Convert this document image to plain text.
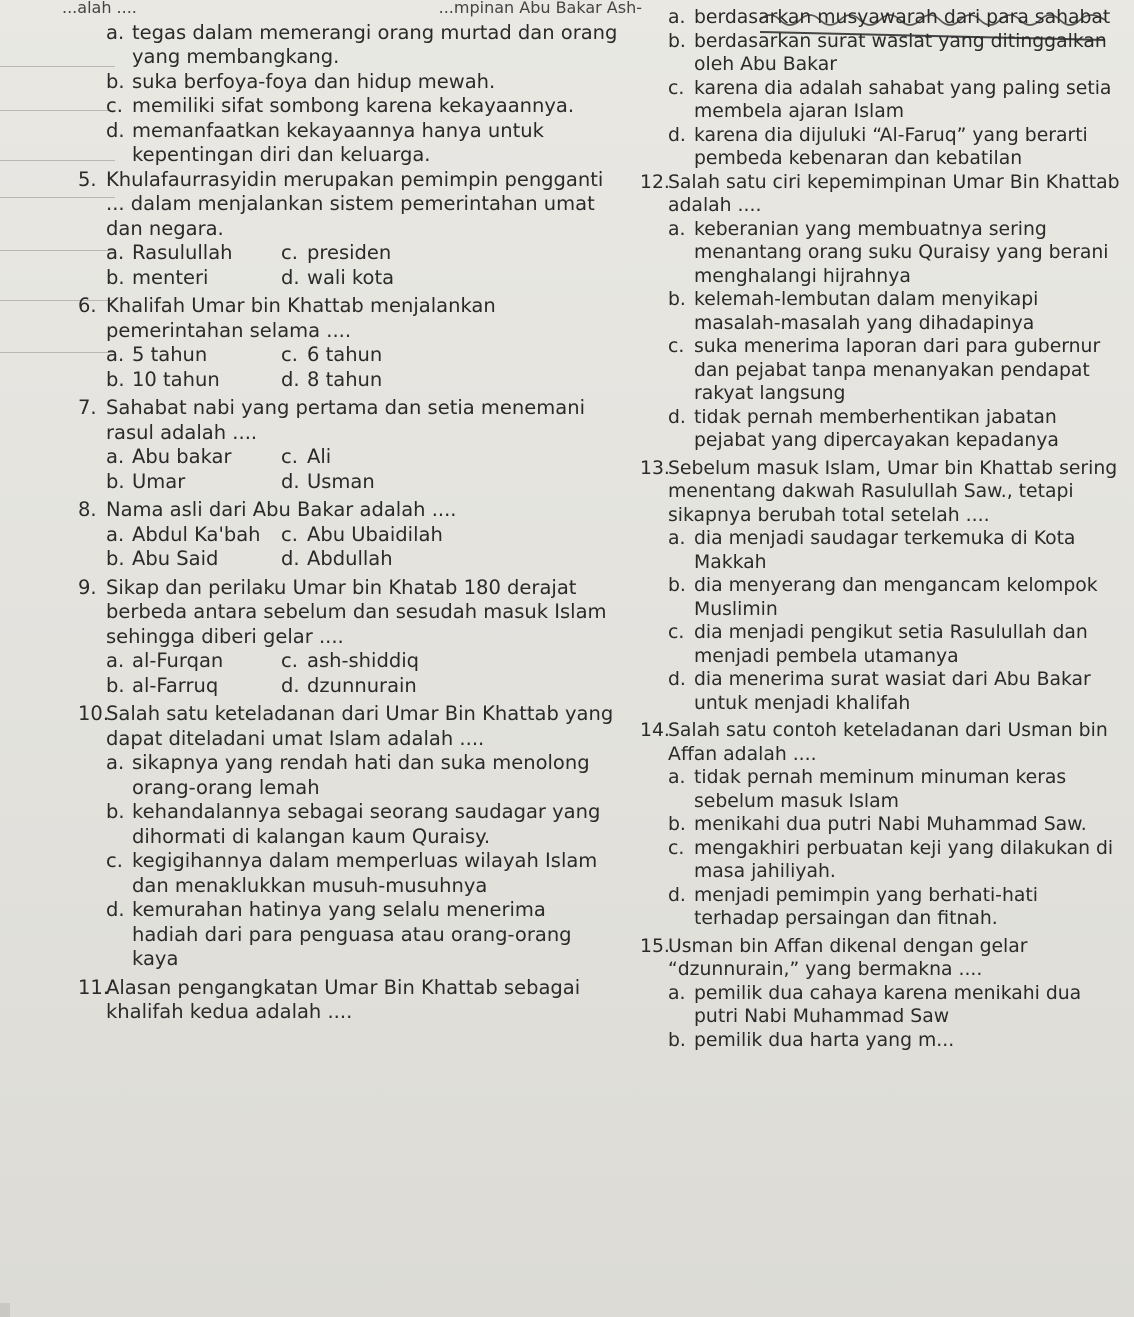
...alah ....	...mpinan Abu Bakar Ash-
a. tegas dalam memerangi orang murtad dan orang yang membangkang.
b. suka berfoya-foya dan hidup mewah.
c. memiliki sifat sombong karena kekayaannya.
d. memanfaatkan kekayaannya hanya untuk kepentingan diri dan keluarga.
5. Khulafaurrasyidin merupakan pemimpin pengganti ... dalam menjalankan sistem pemerintahan umat dan negara.
a. Rasulullah c. presiden
b. menteri	d. wali kota
6. Khalifah Umar bin Khattab menjalankan pemerintahan selama ....
a. 5 tahun	c. 6 tahun
b. 10 tahun	d. 8 tahun
7. Sahabat nabi yang pertama dan setia menemani rasul adalah ....
a. Abu bakar	c. Ali
b. Umar	d. Usman
8. Nama asli dari Abu Bakar adalah ....
a. Abdul Ka'bah c. Abu Ubaidilah
b. Abu Said	d. Abdullah
9. Sikap dan perilaku Umar bin Khatab 180 derajat berbeda antara sebelum dan sesudah masuk Islam sehingga diberi gelar ....
a. al-Furqan	c. ash-shiddiq
b. al-Farruq	d. dzunnurain
10.
Salah satu keteladanan dari Umar Bin Khattab yang dapat diteladani umat Islam adalah ....
a. sikapnya yang rendah hati dan suka menolong orang-orang lemah
b. kehandalannya sebagai seorang saudagar yang dihormati di kalangan kaum Quraisy.
c. kegigihannya dalam memperluas wilayah Islam dan menaklukkan musuh-musuhnya
d. kemurahan hatinya yang selalu menerima hadiah dari para penguasa atau orang-orang kaya
11.
Alasan pengangkatan Umar Bin Khattab sebagai khalifah kedua adalah ....
a. berdasarkan musyawarah dari para sahabat
b. berdasarkan surat wasiat yang ditinggalkan oleh Abu Bakar
c. karena dia adalah sahabat yang paling setia membela ajaran Islam
d. karena dia dijuluki “Al-Faruq” yang berarti pembeda kebenaran dan kebatilan
12.
Salah satu ciri kepemimpinan Umar Bin Khattab adalah ....
a. keberanian yang membuatnya sering menantang orang suku Quraisy yang berani menghalangi hijrahnya
b. kelemah-lembutan dalam menyikapi masalah-masalah yang dihadapinya
c. suka menerima laporan dari para gubernur dan pejabat tanpa menanyakan pendapat rakyat langsung
d. tidak pernah memberhentikan jabatan pejabat yang dipercayakan kepadanya
13.
Sebelum masuk Islam, Umar bin Khattab sering menentang dakwah Rasulullah Saw., tetapi sikapnya berubah total setelah ....
a. dia menjadi saudagar terkemuka di Kota Makkah
b. dia menyerang dan mengancam kelompok Muslimin
c. dia menjadi pengikut setia Rasulullah dan menjadi pembela utamanya
d. dia menerima surat wasiat dari Abu Bakar untuk menjadi khalifah
14.
Salah satu contoh keteladanan dari Usman bin Affan adalah ....
a. tidak pernah meminum minuman keras sebelum masuk Islam
b. menikahi dua putri Nabi Muhammad Saw.
c. mengakhiri perbuatan keji yang dilakukan di masa jahiliyah.
d. menjadi pemimpin yang berhati-hati terhadap persaingan dan fitnah.
15.
Usman bin Affan dikenal dengan gelar “dzunnurain,” yang bermakna ....
a. pemilik dua cahaya karena menikahi dua putri Nabi Muhammad Saw
b. pemilik dua harta yang m...
